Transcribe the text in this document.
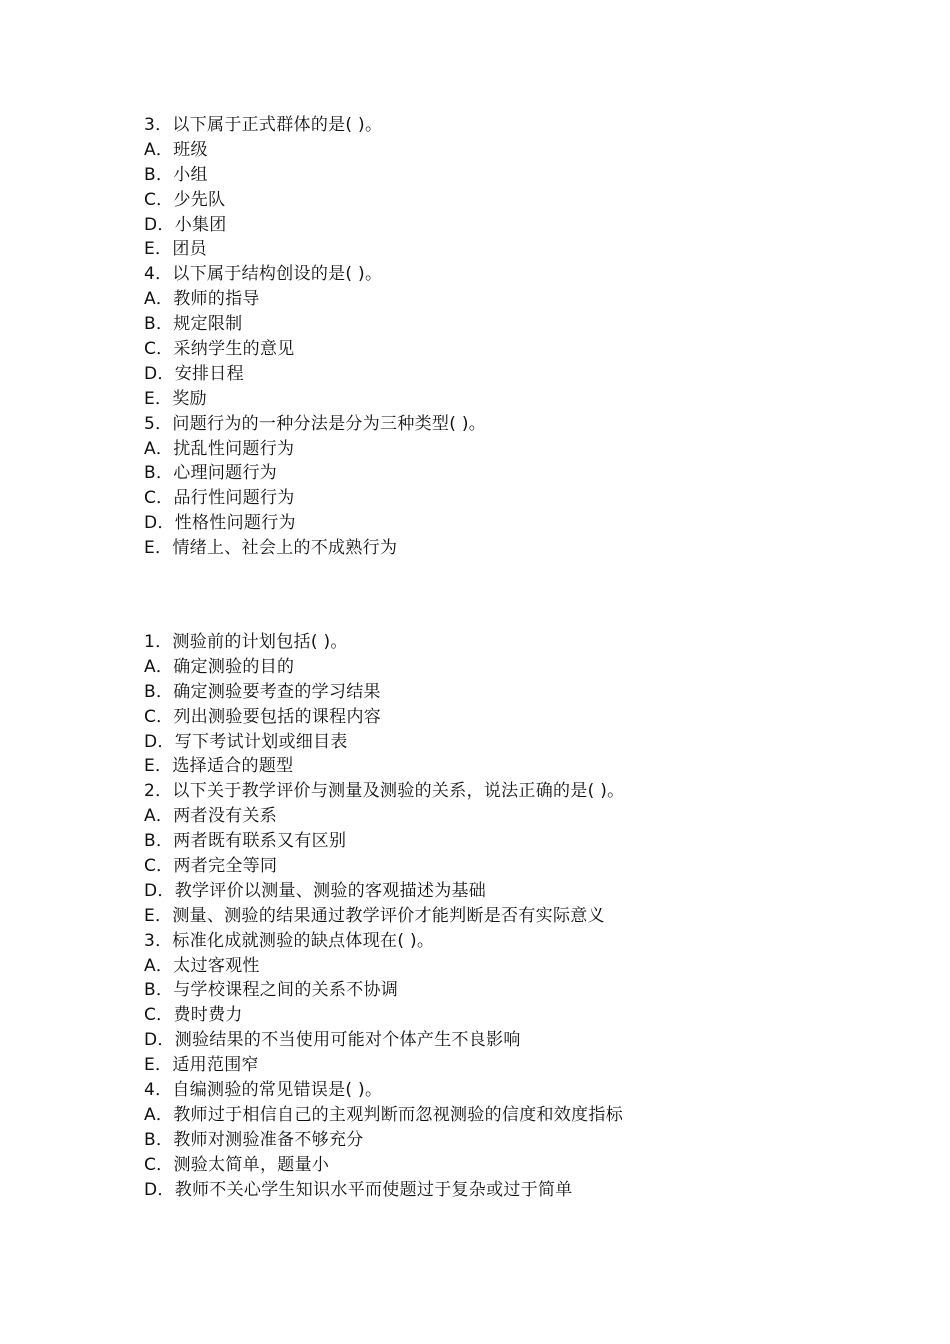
3．以下属于正式群体的是( )。
A．班级
B．小组
C．少先队
D．小集团
E．团员
4．以下属于结构创设的是( )。
A．教师的指导
B．规定限制
C．采纳学生的意见
D．安排日程
E．奖励
5．问题行为的一种分法是分为三种类型( )。
A．扰乱性问题行为
B．心理问题行为
C．品行性问题行为
D．性格性问题行为
E．情绪上、社会上的不成熟行为
1．测验前的计划包括( )。
A．确定测验的目的
B．确定测验要考查的学习结果
C．列出测验要包括的课程内容
D．写下考试计划或细目表
E．选择适合的题型
2．以下关于教学评价与测量及测验的关系，说法正确的是( )。
A．两者没有关系
B．两者既有联系又有区别
C．两者完全等同
D．教学评价以测量、测验的客观描述为基础
E．测量、测验的结果通过教学评价才能判断是否有实际意义
3．标准化成就测验的缺点体现在( )。
A．太过客观性
B．与学校课程之间的关系不协调
C．费时费力
D．测验结果的不当使用可能对个体产生不良影响
E．适用范围窄
4．自编测验的常见错误是( )。
A．教师过于相信自己的主观判断而忽视测验的信度和效度指标
B．教师对测验准备不够充分
C．测验太简单，题量小
D．教师不关心学生知识水平而使题过于复杂或过于简单
